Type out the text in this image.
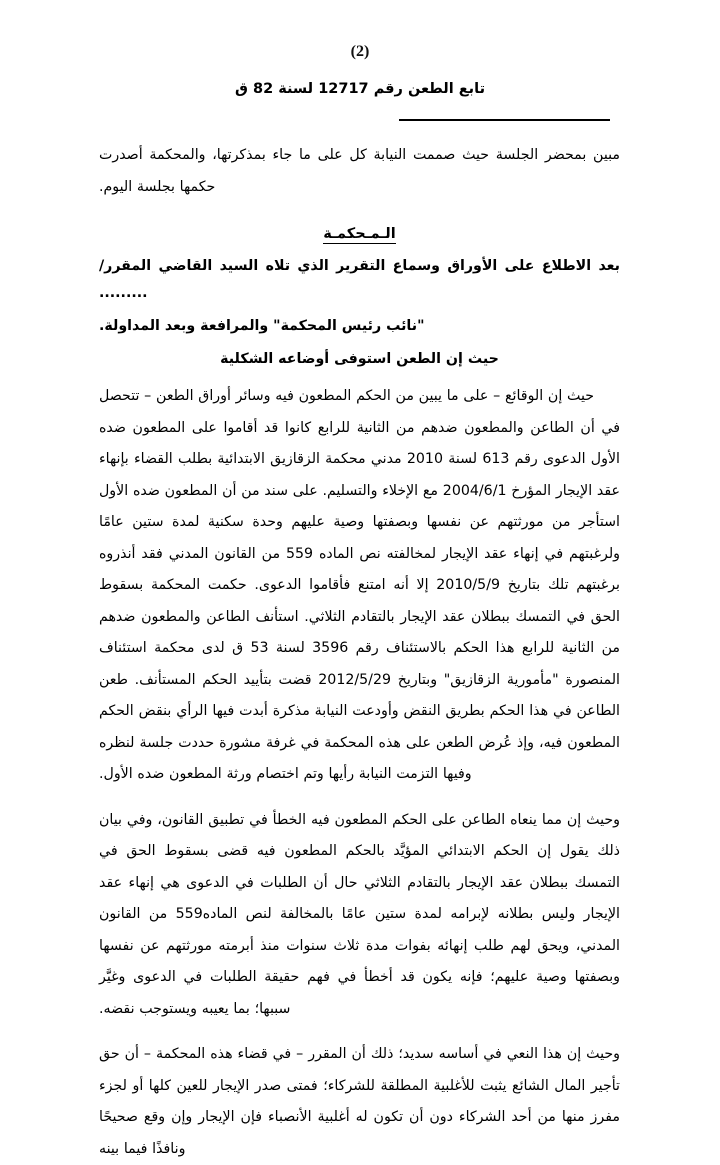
(2)
تابع الطعن رقم 12717 لسنة 82 ق

مبين بمحضر الجلسة حيث صممت النيابة كل على ما جاء بمذكرتها، والمحكمة أصدرت حكمها بجلسة اليوم.

الـمـحكمـة

بعد الاطلاع على الأوراق وسماع التقرير الذي تلاه السيد القاضي المقرر/ .........

"نائب رئيس المحكمة" والمرافعة وبعد المداولة.

حيث إن الطعن استوفى أوضاعه الشكلية

حيث إن الوقائع – على ما يبين من الحكم المطعون فيه وسائر أوراق الطعن – تتحصل في أن الطاعن والمطعون ضدهم من الثانية للرابع كانوا قد أقاموا على المطعون ضده الأول الدعوى رقم 613 لسنة 2010 مدني محكمة الزقازيق الابتدائية بطلب القضاء بإنهاء عقد الإيجار المؤرخ 2004/6/1 مع الإخلاء والتسليم. على سند من أن المطعون ضده الأول استأجر من مورثتهم عن نفسها وبصفتها وصية عليهم وحدة سكنية لمدة ستين عامًا ولرغبتهم في إنهاء عقد الإيجار لمخالفته نص الماده 559 من القانون المدني فقد أنذروه برغبتهم تلك بتاريخ 2010/5/9 إلا أنه امتنع فأقاموا الدعوى. حكمت المحكمة بسقوط الحق في التمسك ببطلان عقد الإيجار بالتقادم الثلاثي. استأنف الطاعن والمطعون ضدهم من الثانية للرابع هذا الحكم بالاستئناف رقم 3596 لسنة 53 ق لدى محكمة استئناف المنصورة "مأمورية الزقازيق" وبتاريخ 2012/5/29 قضت بتأييد الحكم المستأنف. طعن الطاعن في هذا الحكم بطريق النقض وأودعت النيابة مذكرة أبدت فيها الرأي بنقض الحكم المطعون فيه، وإذ عُرض الطعن على هذه المحكمة في غرفة مشورة حددت جلسة لنظره وفيها التزمت النيابة رأيها وتم اختصام ورثة المطعون ضده الأول.

وحيث إن مما ينعاه الطاعن على الحكم المطعون فيه الخطأ في تطبيق القانون، وفي بيان ذلك يقول إن الحكم الابتدائي المؤيَّد بالحكم المطعون فيه قضى بسقوط الحق في التمسك ببطلان عقد الإيجار بالتقادم الثلاثي حال أن الطلبات في الدعوى هي إنهاء عقد الإيجار وليس بطلانه لإبرامه لمدة ستين عامًا بالمخالفة لنص الماده559 من القانون المدني، ويحق لهم طلب إنهائه بفوات مدة ثلاث سنوات منذ أبرمته مورثتهم عن نفسها وبصفتها وصية عليهم؛ فإنه يكون قد أخطأ في فهم حقيقة الطلبات في الدعوى وغيَّر سببها؛ بما يعيبه ويستوجب نقضه.

وحيث إن هذا النعي في أساسه سديد؛ ذلك أن المقرر – في قضاء هذه المحكمة – أن حق تأجير المال الشائع يثبت للأغلبية المطلقة للشركاء؛ فمتى صدر الإيجار للعين كلها أو لجزء مفرز منها من أحد الشركاء دون أن تكون له أغلبية الأنصباء فإن الإيجار وإن وقع صحيحًا ونافذًا فيما بينه
